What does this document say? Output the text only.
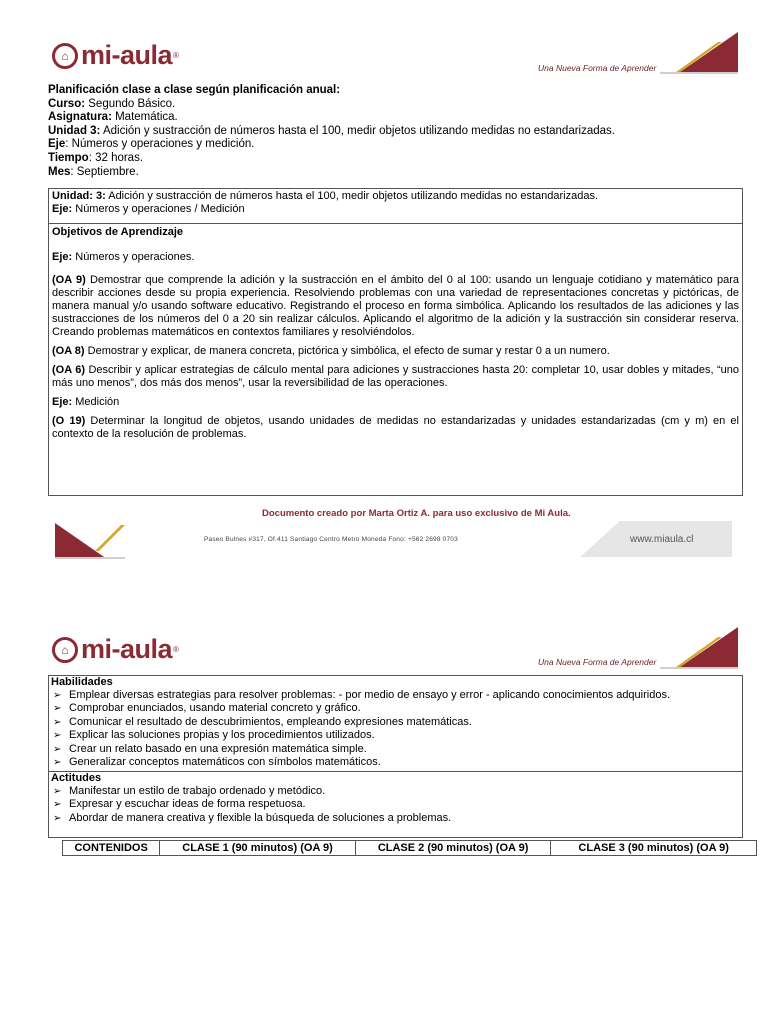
⌂ mi-aula ®
Una Nueva Forma de Aprender
Planificación clase a clase según planificación anual:
Curso: Segundo Básico.
Asignatura: Matemática.
Unidad 3: Adición y sustracción de números hasta el 100, medir objetos utilizando medidas no estandarizadas.
Eje: Números y operaciones y medición.
Tiempo: 32 horas.
Mes: Septiembre.
Unidad: 3: Adición y sustracción de números hasta el 100, medir objetos utilizando medidas no estandarizadas.
Eje: Números y operaciones / Medición
Objetivos de Aprendizaje

Eje: Números y operaciones.

(OA 9) Demostrar que comprende la adición y la sustracción en el ámbito del 0 al 100: usando un lenguaje cotidiano y matemático para describir acciones desde su propia experiencia. Resolviendo problemas con una variedad de representaciones concretas y pictóricas, de manera manual y/o usando software educativo. Registrando el proceso en forma simbólica. Aplicando los resultados de las adiciones y las sustracciones de los números del 0 a 20 sin realizar cálculos. Aplicando el algoritmo de la adición y la sustracción sin considerar reserva. Creando problemas matemáticos en contextos familiares y resolviéndolos.

(OA 8) Demostrar y explicar, de manera concreta, pictórica y simbólica, el efecto de sumar y restar 0 a un numero.

(OA 6) Describir y aplicar estrategias de cálculo mental para adiciones y sustracciones hasta 20: completar 10, usar dobles y mitades, “uno más uno menos”, dos más dos menos”, usar la reversibilidad de las operaciones.

Eje: Medición

(O 19) Determinar la longitud de objetos, usando unidades de medidas no estandarizadas y unidades estandarizadas (cm y m) en el contexto de la resolución de problemas.

Documento creado por Marta Ortiz A. para uso exclusivo de Mi Aula.
Paseo Bulnes #317, Of.411 Santiago Centro Metro Moneda Fono: +562 2698 0703	www.miaula.cl
⌂ mi-aula ®
Una Nueva Forma de Aprender
Habilidades
➢ Emplear diversas estrategias para resolver problemas: - por medio de ensayo y error - aplicando conocimientos adquiridos.
➢ Comprobar enunciados, usando material concreto y gráfico.
➢ Comunicar el resultado de descubrimientos, empleando expresiones matemáticas.
➢ Explicar las soluciones propias y los procedimientos utilizados.
➢ Crear un relato basado en una expresión matemática simple.
➢ Generalizar conceptos matemáticos con símbolos matemáticos.
Actitudes
➢ Manifestar un estilo de trabajo ordenado y metódico.
➢ Expresar y escuchar ideas de forma respetuosa.
➢ Abordar de manera creativa y flexible la búsqueda de soluciones a problemas.
CONTENIDOS	CLASE 1 (90 minutos) (OA 9)	CLASE 2 (90 minutos) (OA 9)	CLASE 3 (90 minutos) (OA 9)
